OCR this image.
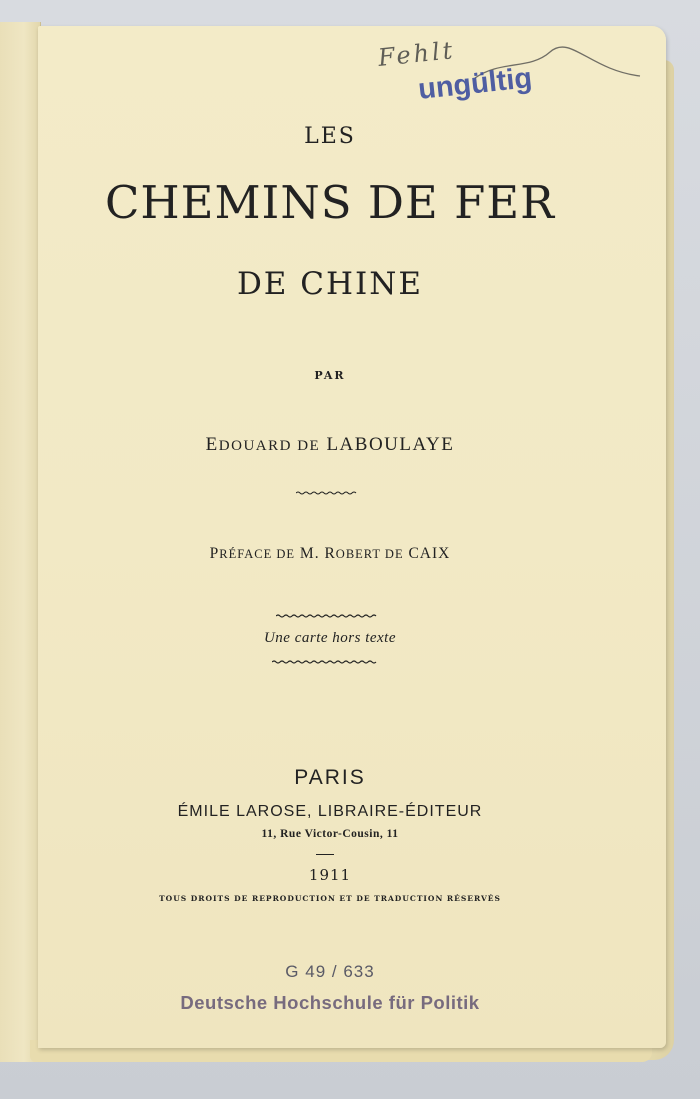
Fehlt
ungültig
LES
CHEMINS DE FER
DE CHINE
PAR
EDOUARD DE LABOULAYE
PRÉFACE DE M. ROBERT DE CAIX
Une carte hors texte
PARIS
ÉMILE LAROSE, LIBRAIRE-ÉDITEUR
11, Rue Victor-Cousin, 11
1911
TOUS DROITS DE REPRODUCTION ET DE TRADUCTION RÉSERVÉS
G 49 / 633
Deutsche Hochschule für Politik
